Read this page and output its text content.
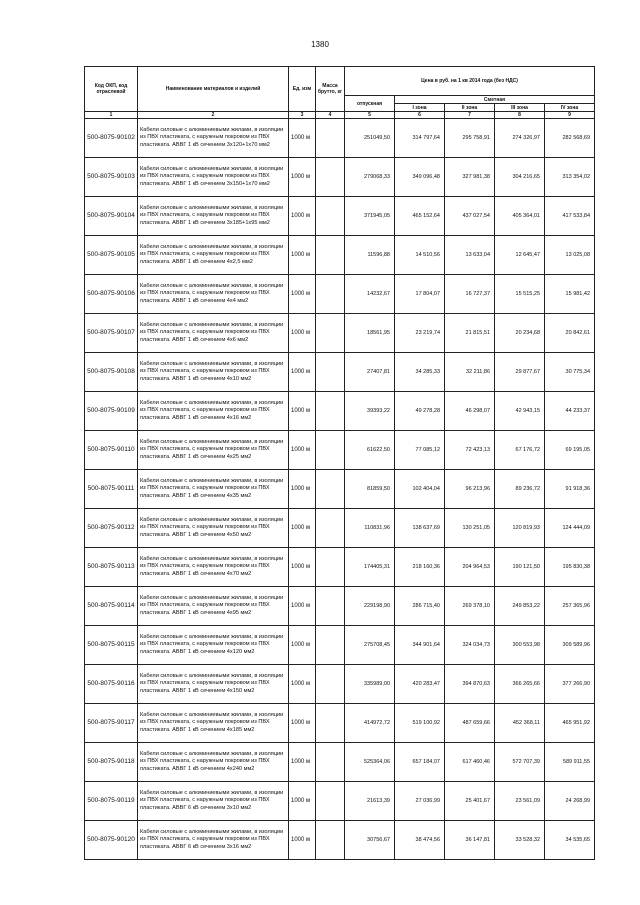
1380
Код ОКП, код отраслевой	Наименование материалов и изделий	Ед. изм	Масса брутто, кг	Цена в руб. на 1 кв 2014 года (без НДС)				
				отпускная	Сметная			
					I зона	II зона	III зона	IV зона
1	2	3	4	5	6	7	8	9
500-8075-90102	Кабели силовые с алюминиевыми жилами, в изоляции из ПВХ пластиката, с наружным покровом из ПВХ пластиката. АВВГ 1 кВ сечением 3х120+1х70 мм2	1000 м		251049,50	314 797,64	295 758,91	274 326,97	282 568,69
500-8075-90103	Кабели силовые с алюминиевыми жилами, в изоляции из ПВХ пластиката, с наружным покровом из ПВХ пластиката. АВВГ 1 кВ сечением 3х150+1х70 мм2	1000 м		279068,33	349 096,48	327 981,38	304 216,65	313 354,02
500-8075-90104	Кабели силовые с алюминиевыми жилами, в изоляции из ПВХ пластиката, с наружным покровом из ПВХ пластиката. АВВГ 1 кВ сечением 3х185+1х95 мм2	1000 м		371945,05	465 152,64	437 027,54	405 364,01	417 533,84
500-8075-90105	Кабели силовые с алюминиевыми жилами, в изоляции из ПВХ пластиката, с наружным покровом из ПВХ пластиката. АВВГ 1 кВ сечением 4х2,5 мм2	1000 м		11596,88	14 510,56	13 633,04	12 645,47	13 025,08
500-8075-90106	Кабели силовые с алюминиевыми жилами, в изоляции из ПВХ пластиката, с наружным покровом из ПВХ пластиката. АВВГ 1 кВ сечением 4х4 мм2	1000 м		14232,67	17 804,07	16 727,37	15 515,25	15 981,42
500-8075-90107	Кабели силовые с алюминиевыми жилами, в изоляции из ПВХ пластиката, с наружным покровом из ПВХ пластиката. АВВГ 1 кВ сечением 4х6 мм2	1000 м		18561,95	23 219,74	21 815,51	20 234,68	20 842,61
500-8075-90108	Кабели силовые с алюминиевыми жилами, в изоляции из ПВХ пластиката, с наружным покровом из ПВХ пластиката. АВВГ 1 кВ сечением 4х10 мм2	1000 м		27407,81	34 285,33	32 211,86	29 877,67	30 775,34
500-8075-90109	Кабели силовые с алюминиевыми жилами, в изоляции из ПВХ пластиката, с наружным покровом из ПВХ пластиката. АВВГ 1 кВ сечением 4х16 мм2	1000 м		39393,22	49 278,28	46 298,07	42 943,15	44 233,37
500-8075-90110	Кабели силовые с алюминиевыми жилами, в изоляции из ПВХ пластиката, с наружным покровом из ПВХ пластиката. АВВГ 1 кВ сечением 4х25 мм2	1000 м		61622,50	77 085,12	72 423,13	67 176,72	69 195,05
500-8075-90111	Кабели силовые с алюминиевыми жилами, в изоляции из ПВХ пластиката, с наружным покровом из ПВХ пластиката. АВВГ 1 кВ сечением 4х35 мм2	1000 м		81859,50	102 404,04	96 213,96	89 236,72	91 918,36
500-8075-90112	Кабели силовые с алюминиевыми жилами, в изоляции из ПВХ пластиката, с наружным покровом из ПВХ пластиката. АВВГ 1 кВ сечением 4х50 мм2	1000 м		110831,96	138 637,69	130 251,05	120 819,93	124 444,09
500-8075-90113	Кабели силовые с алюминиевыми жилами, в изоляции из ПВХ пластиката, с наружным покровом из ПВХ пластиката. АВВГ 1 кВ сечением 4х70 мм2	1000 м		174405,31	218 160,36	204 964,53	190 121,50	195 830,38
500-8075-90114	Кабели силовые с алюминиевыми жилами, в изоляции из ПВХ пластиката, с наружным покровом из ПВХ пластиката. АВВГ 1 кВ сечением 4х95 мм2	1000 м		229198,90	286 715,40	269 378,10	249 853,22	257 365,96
500-8075-90115	Кабели силовые с алюминиевыми жилами, в изоляции из ПВХ пластиката, с наружным покровом из ПВХ пластиката. АВВГ 1 кВ сечением 4х120 мм2	1000 м		275708,45	344 901,64	324 034,73	300 553,98	309 589,96
500-8075-90116	Кабели силовые с алюминиевыми жилами, в изоляции из ПВХ пластиката, с наружным покровом из ПВХ пластиката. АВВГ 1 кВ сечением 4х150 мм2	1000 м		335989,00	420 283,47	394 870,63	366 265,66	377 266,90
500-8075-90117	Кабели силовые с алюминиевыми жилами, в изоляции из ПВХ пластиката, с наружным покровом из ПВХ пластиката. АВВГ 1 кВ сечением 4х185 мм2	1000 м		414972,72	519 100,92	487 659,66	452 368,11	465 951,92
500-8075-90118	Кабели силовые с алюминиевыми жилами, в изоляции из ПВХ пластиката, с наружным покровом из ПВХ пластиката. АВВГ 1 кВ сечением 4х240 мм2	1000 м		525364,06	657 184,07	617 460,46	572 707,39	589 911,55
500-8075-90119	Кабели силовые с алюминиевыми жилами, в изоляции из ПВХ пластиката, с наружным покровом из ПВХ пластиката. АВВГ 6 кВ сечением 3х10 мм2	1000 м		21613,39	27 036,99	25 401,67	23 561,09	24 268,99
500-8075-90120	Кабели силовые с алюминиевыми жилами, в изоляции из ПВХ пластиката, с наружным покровом из ПВХ пластиката. АВВГ 6 кВ сечением 3х16 мм2	1000 м		30756,67	38 474,56	36 147,81	33 528,32	34 535,65
